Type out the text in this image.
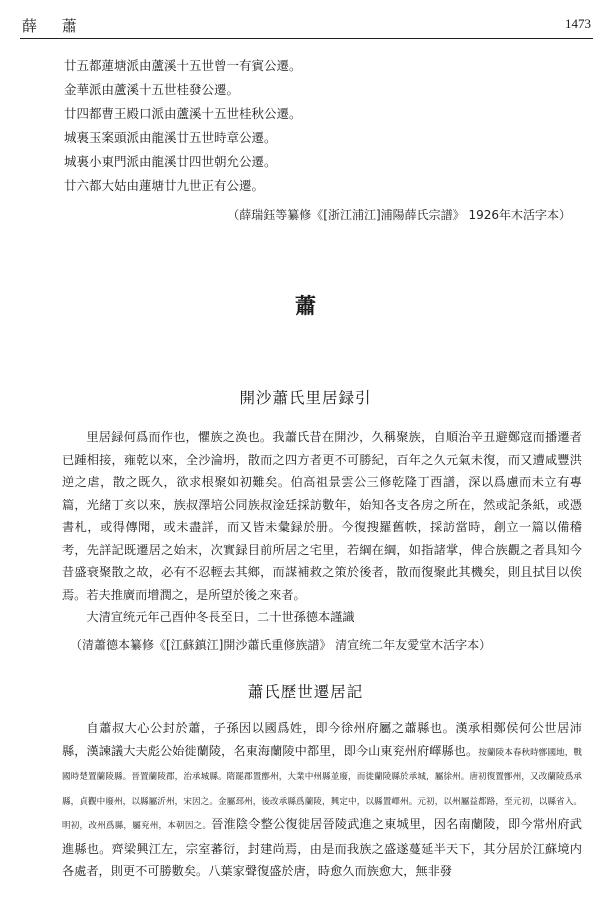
薛 蕭	1473
廿五都蓮塘派由蘆溪十五世曾一有賓公遷。
金華派由蘆溪十五世桂發公遷。
廿四都曹王殿口派由蘆溪十五世桂秋公遷。
城裏玉案頭派由龍溪廿五世時章公遷。
城裏小東門派由龍溪廿四世朝允公遷。
廿六都大姑由蓮塘廿九世正有公遷。
（薛瑞鈺等纂修《[浙江浦江]浦陽薛氏宗譜》 1926年木活字本）
蕭
開沙蕭氏里居録引

里居録何爲而作也，懼族之涣也。我蕭氏昔在開沙，久稱聚族，自順治辛丑避鄭寇而播遷者已踵相接，雍乾以來，全沙淪坍，散而之四方者更不可勝紀，百年之久元氣未復，而又遭咸豐洪逆之虐，散之既久，欲求根聚如初難矣。伯高祖景雲公三修乾隆丁酉譜，深以爲慮而未立有專篇，光緒丁亥以來，族叔澤培公同族叔淦廷採訪數年，始知各支各房之所在，然或記条紙，或憑書札，或得傳聞，或未盡詳，而又皆未彙録於册。今復搜羅舊帙，採訪當時，創立一篇以備稽考，先詳記既遷居之始末，次實録目前所居之宅里，若綱在綱，如指諸掌，俾合族觀之者具知今昔盛衰聚散之故，必有不忍輕去其鄉，而謀補救之策於後者，散而復聚此其機矣，則且拭目以俟焉。若夫推廣而增潤之，是所望於後之來者。

大清宣统元年己酉仲冬長至日，二十世孫德本謹識

（清蕭德本纂修《[江蘇鎮江]開沙蕭氏重修族譜》 清宣统二年友愛堂木活字本）
蕭氏歷世遷居記

自蕭叔大心公封於蕭，子孫因以國爲姓，即今徐州府屬之蕭縣也。漢承相鄭侯何公世居沛縣，漢諫議大夫彪公始徙蘭陵，名東海蘭陵中都里，即今山東兖州府嶧縣也。按蘭陵本春秋時鄫國地，戰國時楚置蘭陵縣。晉置蘭陵郡，治承城縣。隋罷郡置鄫州，大業中州縣並廢，而徙蘭陵縣於承城，屬徐州。唐初復置鄫州，又改蘭陵爲承縣，貞觀中廢州，以縣屬沂州，宋因之。金屬邳州，後改承縣爲蘭陵，興定中，以縣置嶧州。元初，以州屬益都路，至元初，以縣省入。明初，改州爲縣，屬兖州，本朝因之。晉淮陰令整公復徙居晉陵武進之東城里，因名南蘭陵，即今常州府武進縣也。齊梁興江左，宗室蕃衍，封建尚焉，由是而我族之盛遂蔓延半天下，其分居於江蘇境内各處者，則更不可勝數矣。八葉家聲復盛於唐，時愈久而族愈大，無非發
